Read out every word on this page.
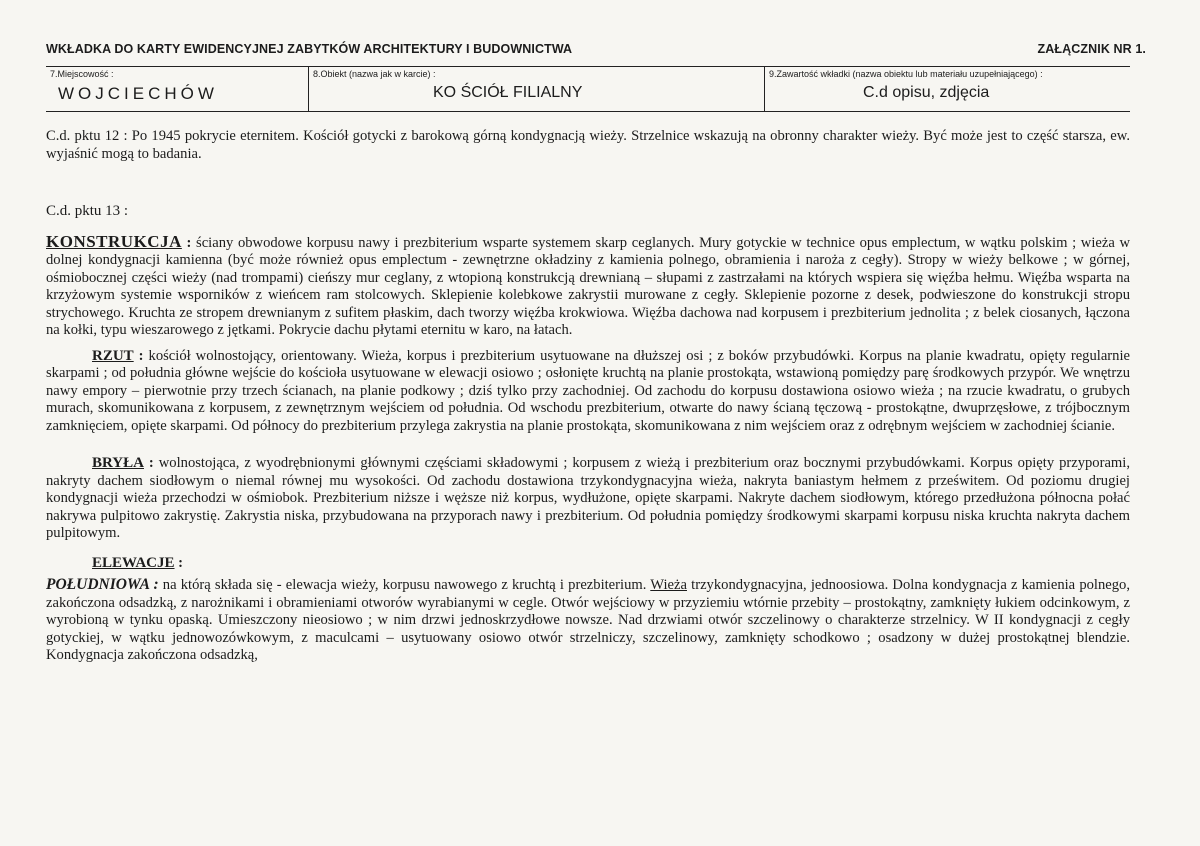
WKŁADKA DO KARTY EWIDENCYJNEJ ZABYTKÓW ARCHITEKTURY I BUDOWNICTWA	ZAŁĄCZNIK NR 1.
7.Miejscowość :
WOJCIECHÓW
8.Obiekt (nazwa jak w karcie) :
KO ŚCIÓŁ FILIALNY
9.Zawartość wkładki (nazwa obiektu lub materiału uzupełniającego) :
C.d opisu, zdjęcia

C.d. pktu 12 : Po 1945 pokrycie eternitem. Kościół gotycki z barokową górną kondygnacją wieży. Strzelnice wskazują na obronny charakter wieży. Być może jest to część starsza, ew. wyjaśnić mogą to badania.

C.d. pktu 13 :

KONSTRUKCJA : ściany obwodowe korpusu nawy i prezbiterium wsparte systemem skarp ceglanych. Mury gotyckie w technice opus emplectum, w wątku polskim ; wieża w dolnej kondygnacji kamienna (być może również opus emplectum - zewnętrzne okładziny z kamienia polnego, obramienia i naroża z cegły). Stropy w wieży belkowe ; w górnej, ośmiobocznej części wieży (nad trompami) cieńszy mur ceglany, z wtopioną konstrukcją drewnianą – słupami z zastrzałami na których wspiera się więźba hełmu. Więźba wsparta na krzyżowym systemie wsporników z wieńcem ram stolcowych. Sklepienie kolebkowe zakrystii murowane z cegły. Sklepienie pozorne z desek, podwieszone do konstrukcji stropu strychowego. Kruchta ze stropem drewnianym z sufitem płaskim, dach tworzy więźba krokwiowa. Więźba dachowa nad korpusem i prezbiterium jednolita ; z belek ciosanych, łączona na kołki, typu wieszarowego z jętkami. Pokrycie dachu płytami eternitu w karo, na łatach.

RZUT : kościół wolnostojący, orientowany. Wieża, korpus i prezbiterium usytuowane na dłuższej osi ; z boków przybudówki. Korpus na planie kwadratu, opięty regularnie skarpami ; od południa główne wejście do kościoła usytuowane w elewacji osiowo ; osłonięte kruchtą na planie prostokąta, wstawioną pomiędzy parę środkowych przypór. We wnętrzu nawy empory – pierwotnie przy trzech ścianach, na planie podkowy ; dziś tylko przy zachodniej. Od zachodu do korpusu dostawiona osiowo wieża ; na rzucie kwadratu, o grubych murach, skomunikowana z korpusem, z zewnętrznym wejściem od południa. Od wschodu prezbiterium, otwarte do nawy ścianą tęczową - prostokątne, dwuprzęsłowe, z trójbocznym zamknięciem, opięte skarpami. Od północy do prezbiterium przylega zakrystia na planie prostokąta, skomunikowana z nim wejściem oraz z odrębnym wejściem w zachodniej ścianie.

BRYŁA : wolnostojąca, z wyodrębnionymi głównymi częściami składowymi ; korpusem z wieżą i prezbiterium oraz bocznymi przybudówkami. Korpus opięty przyporami, nakryty dachem siodłowym o niemal równej mu wysokości. Od zachodu dostawiona trzykondygnacyjna wieża, nakryta baniastym hełmem z prześwitem. Od poziomu drugiej kondygnacji wieża przechodzi w ośmiobok. Prezbiterium niższe i węższe niż korpus, wydłużone, opięte skarpami. Nakryte dachem siodłowym, którego przedłużona północna połać nakrywa pulpitowo zakrystię. Zakrystia niska, przybudowana na przyporach nawy i prezbiterium. Od południa pomiędzy środkowymi skarpami korpusu niska kruchta nakryta dachem pulpitowym.

ELEWACJE :

POŁUDNIOWA : na którą składa się - elewacja wieży, korpusu nawowego z kruchtą i prezbiterium. Wieża trzykondygnacyjna, jednoosiowa. Dolna kondygnacja z kamienia polnego, zakończona odsadzką, z narożnikami i obramieniami otworów wyrabianymi w cegle. Otwór wejściowy w przyziemiu wtórnie przebity – prostokątny, zamknięty łukiem odcinkowym, z wyrobioną w tynku opaską. Umieszczony nieosiowo ; w nim drzwi jednoskrzydłowe nowsze. Nad drzwiami otwór szczelinowy o charakterze strzelnicy. W II kondygnacji z cegły gotyckiej, w wątku jednowozówkowym, z maculcami – usytuowany osiowo otwór strzelniczy, szczelinowy, zamknięty schodkowo ; osadzony w dużej prostokątnej blendzie. Kondygnacja zakończona odsadzką,
